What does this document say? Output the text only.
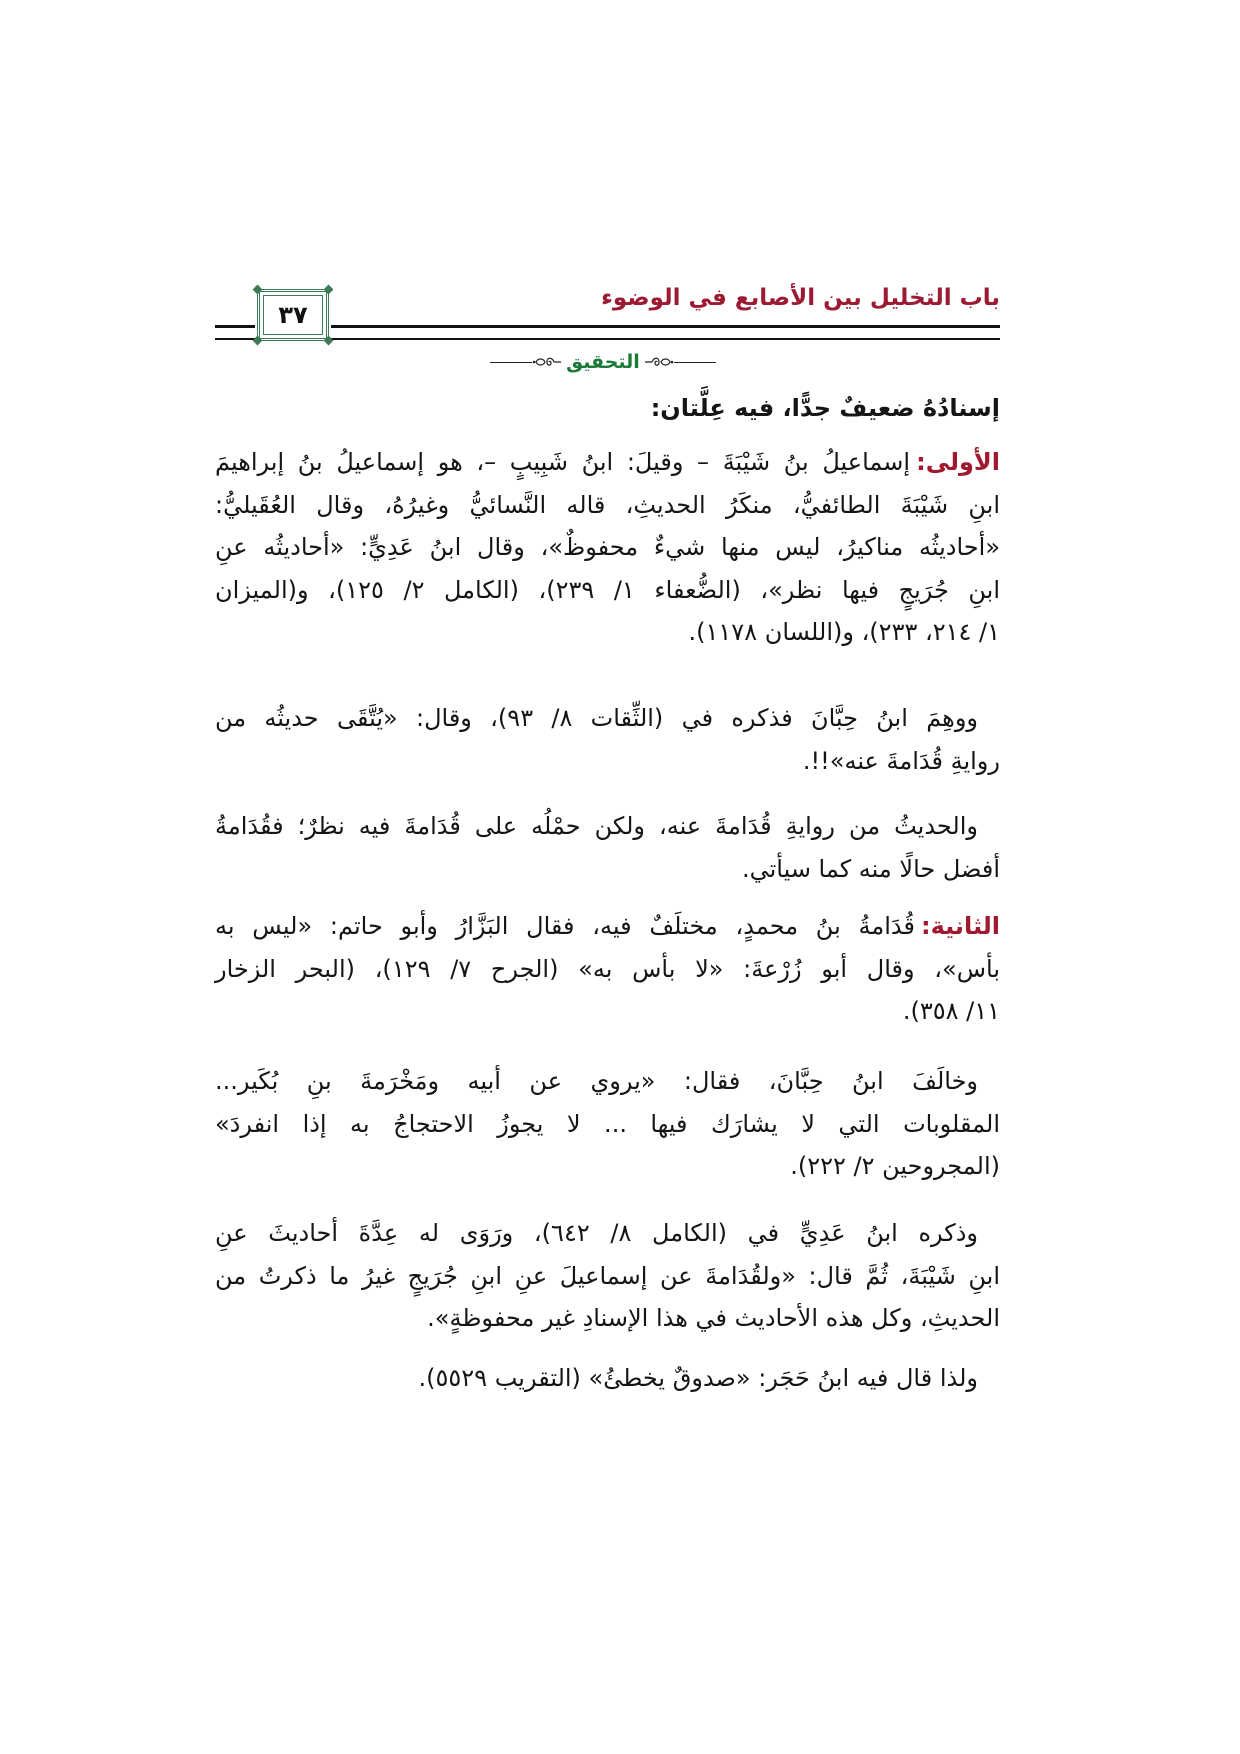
باب التخليل بين الأصابع في الوضوء
٣٧
التحقيق
إسنادُهُ ضعيفٌ جدًّا، فيه عِلَّتان:
الأولى:إسماعيلُ بنُ شَيْبَةَ – وقيلَ: ابنُ شَبِيبٍ –، هو إسماعيلُ بنُ إبراهيمَ
ابنِ شَيْبَةَ الطائفيُّ، منكَرُ الحديثِ، قاله النَّسائيُّ وغيرُهُ، وقال العُقَيليُّ:
«أحاديثُه مناكيرُ، ليس منها شيءٌ محفوظٌ»، وقال ابنُ عَدِيٍّ: «أحاديثُه عنِ
ابنِ جُرَيجٍ فيها نظر»، (الضُّعفاء ١/ ٢٣٩)، (الكامل ٢/ ١٢٥)، و(الميزان
١/ ٢١٤، ٢٣٣)، و(اللسان ١١٧٨).
ووهِمَ ابنُ حِبَّانَ فذكره في (الثِّقات ٨/ ٩٣)، وقال: «يُتَّقَى حديثُه من
روايةِ قُدَامةَ عنه»!!.
والحديثُ من روايةِ قُدَامةَ عنه، ولكن حمْلُه على قُدَامةَ فيه نظرٌ؛ فقُدَامةُ
أفضل حالًا منه كما سيأتي.
الثانية:قُدَامةُ بنُ محمدٍ، مختلَفٌ فيه، فقال البَزَّارُ وأبو حاتم: «ليس به
بأس»، وقال أبو زُرْعةَ: «لا بأس به» (الجرح ٧/ ١٢٩)، (البحر الزخار
١١/ ٣٥٨).
وخالَفَ ابنُ حِبَّانَ، فقال: «يروي عن أبيه ومَخْرَمةَ بنِ بُكَير...
المقلوبات التي لا يشارَك فيها ... لا يجوزُ الاحتجاجُ به إذا انفردَ»
(المجروحين ٢/ ٢٢٢).
وذكره ابنُ عَدِيٍّ في (الكامل ٨/ ٦٤٢)، ورَوَى له عِدَّةَ أحاديثَ عنِ
ابنِ شَيْبَةَ، ثُمَّ قال: «ولقُدَامةَ عن إسماعيلَ عنِ ابنِ جُرَيجٍ غيرُ ما ذكرتُ من
الحديثِ، وكل هذه الأحاديث في هذا الإسنادِ غير محفوظةٍ».
ولذا قال فيه ابنُ حَجَر: «صدوقٌ يخطئُ» (التقريب ٥٥٢٩).
